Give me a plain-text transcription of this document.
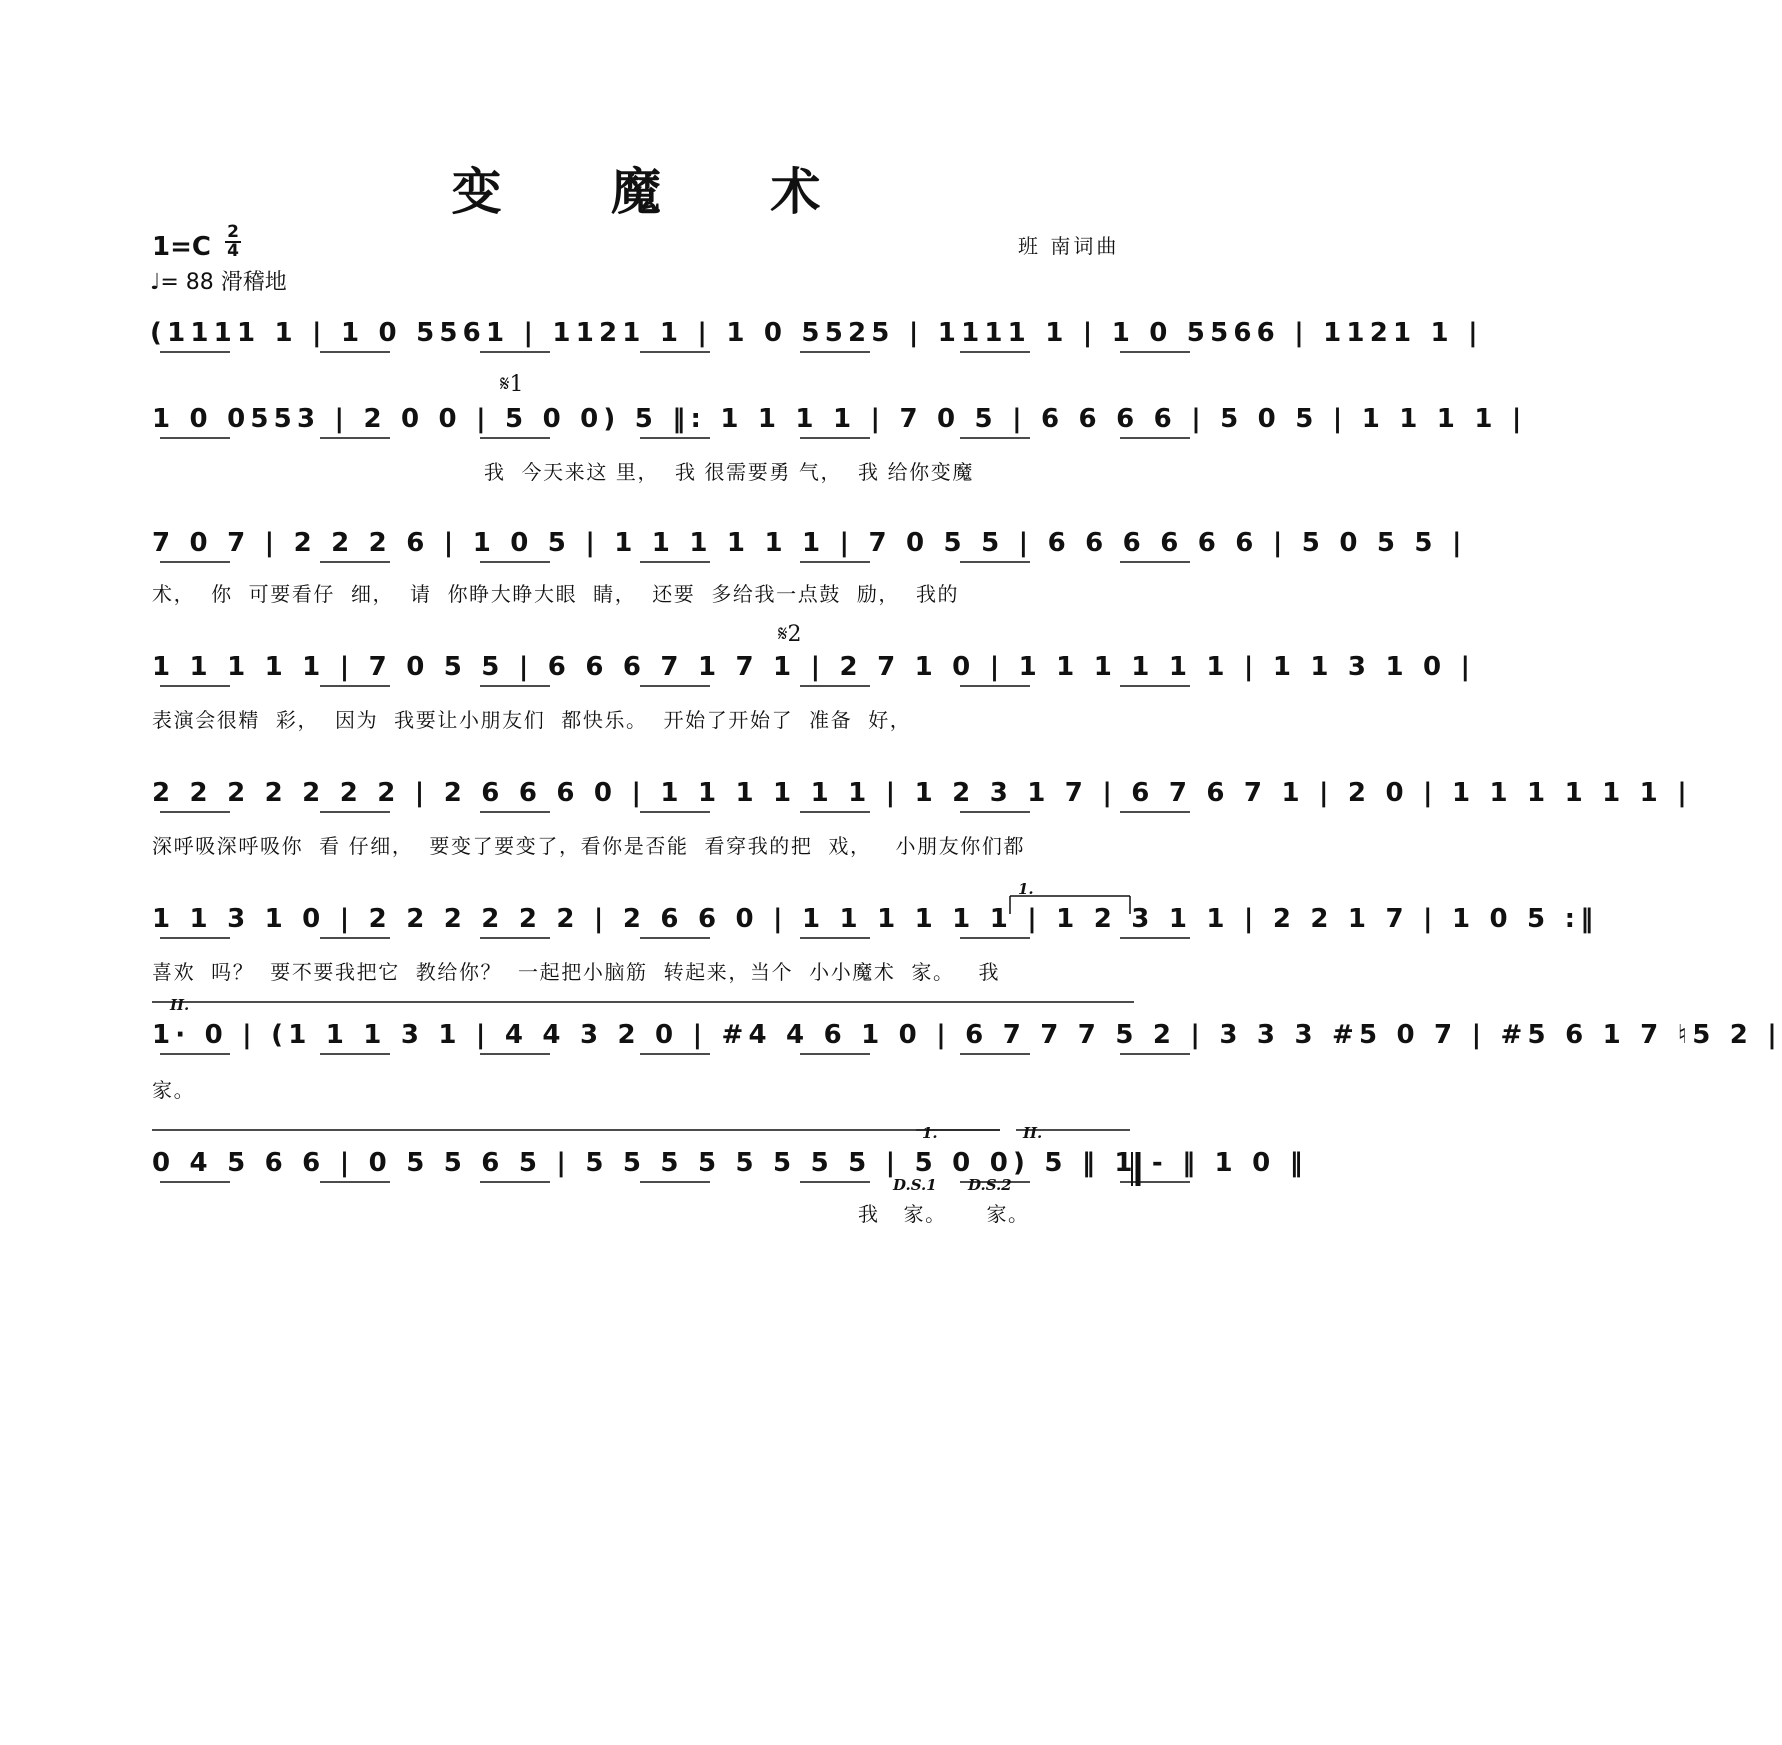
变 魔 术
1=C 2
4
♩= 88 滑稽地
班 南词曲
(1111 1 | 1 0 5561 | 1121 1 | 1 0 5525 | 1111 1 | 1 0 5566 | 1121 1 |
1 0 0553 | 2 0 0 | 5 0 0) 5 ‖: 1 1 1 1 | 7 0 5 | 6 6 6 6 | 5 0 5 | 1 1 1 1 |
我  今天来这 里，  我 很需要勇 气，  我 给你变魔
7 0 7 | 2 2 2 6 | 1 0 5 | 1 1 1 1 1 1 | 7 0 5 5 | 6 6 6 6 6 6 | 5 0 5 5 |
术，  你  可要看仔  细，  请  你睁大睁大眼  睛，  还要  多给我一点鼓  励，  我的
1 1 1 1 1 | 7 0 5 5 | 6 6 6 7 1 7 1 | 2 7 1 0 | 1 1 1 1 1 1 | 1 1 3 1 0 |
表演会很精  彩，  因为  我要让小朋友们  都快乐。  开始了开始了  准备  好，
2 2 2 2 2 2 2 | 2 6 6 6 0 | 1 1 1 1 1 1 | 1 2 3 1 7 | 6 7 6 7 1 | 2 0 | 1 1 1 1 1 1 |
深呼吸深呼吸你  看 仔细，  要变了要变了，看你是否能  看穿我的把  戏，   小朋友你们都
1 1 3 1 0 | 2 2 2 2 2 2 | 2 6 6 0 | 1 1 1 1 1 1 | 1 2 3 1 1 | 2 2 1 7 | 1 0 5 :‖
喜欢  吗？  要不要我把它  教给你？  一起把小脑筋  转起来，当个  小小魔术  家。   我
1· 0 | (1 1 1 3 1 | 4 4 3 2 0 | #4 4 6 1 0 | 6 7 7 7 5 2 | 3 3 3 #5 0 7 | #5 6 1 7 ♮5 2 |
家。
0 4 5 6 6 | 0 5 5 6 5 | 5 5 5 5 5 5 5 5 | 5 0 0) 5 ‖ 1 - ‖ 1 0 ‖
我   家。     家。
𝄋1
𝄋2
1.
II.
1.	II.
D.S.1 D.S.2
